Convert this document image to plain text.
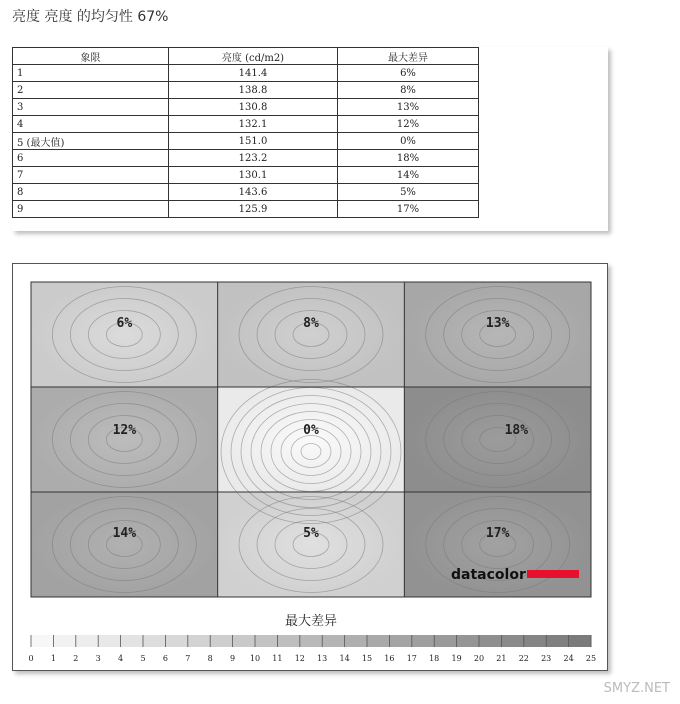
亮度 亮度 的均匀性 67%
象限	亮度 (cd/m2)	最大差异
1	141.4	6%
2	138.8	8%
3	130.8	13%
4	132.1	12%
5 (最大值)	151.0	0%
6	123.2	18%
7	130.1	14%
8	143.6	5%
9	125.9	17%
6%	8%	13%
12%	0%	18%
14%	5%	17%
datacolor
最大差异
0 1 2 3 4 5 6 7 8 9 10 11 12 13 14 15 16 17 18 19 20 21 22 23 24 25
SMYZ.NET
